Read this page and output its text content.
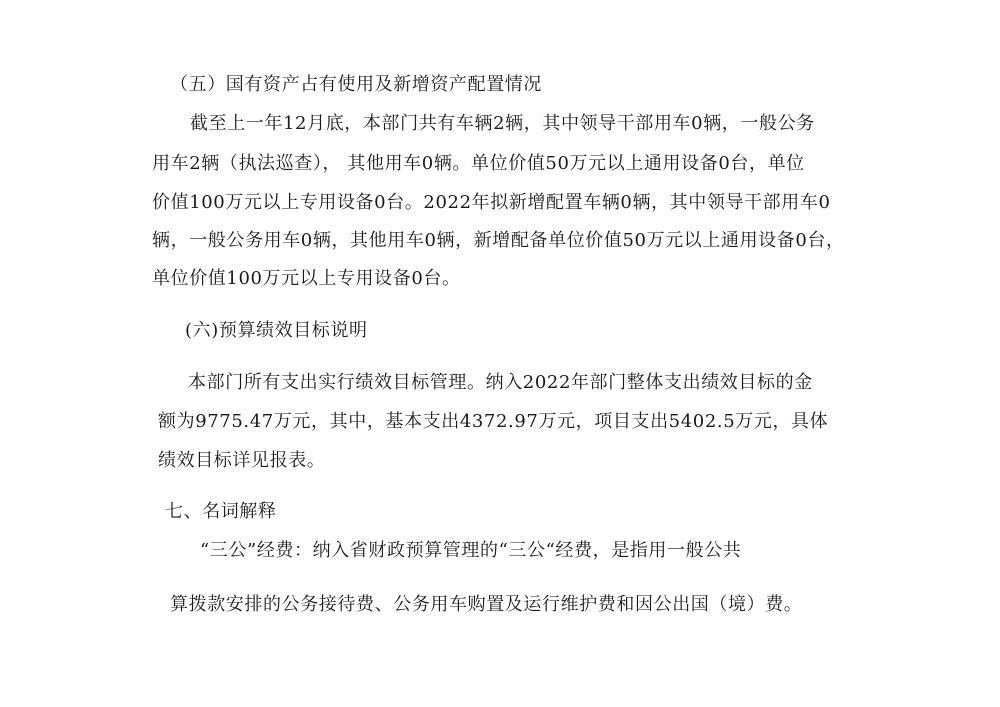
（五）国有资产占有使用及新增资产配置情况
截至上一年12月底，本部门共有车辆2辆，其中领导干部用车0辆，一般公务
用车2辆（执法巡查）， 其他用车0辆。单位价值50万元以上通用设备0台，单位
价值100万元以上专用设备0台。2022年拟新增配置车辆0辆，其中领导干部用车0
辆，一般公务用车0辆，其他用车0辆，新增配备单位价值50万元以上通用设备0台，
单位价值100万元以上专用设备0台。
(六)预算绩效目标说明
本部门所有支出实行绩效目标管理。纳入2022年部门整体支出绩效目标的金
额为9775.47万元，其中，基本支出4372.97万元，项目支出5402.5万元，具体
绩效目标详见报表。
七、名词解释
“三公”经费：纳入省财政预算管理的“三公“经费，是指用一般公共
算拨款安排的公务接待费、公务用车购置及运行维护费和因公出国（境）费。
